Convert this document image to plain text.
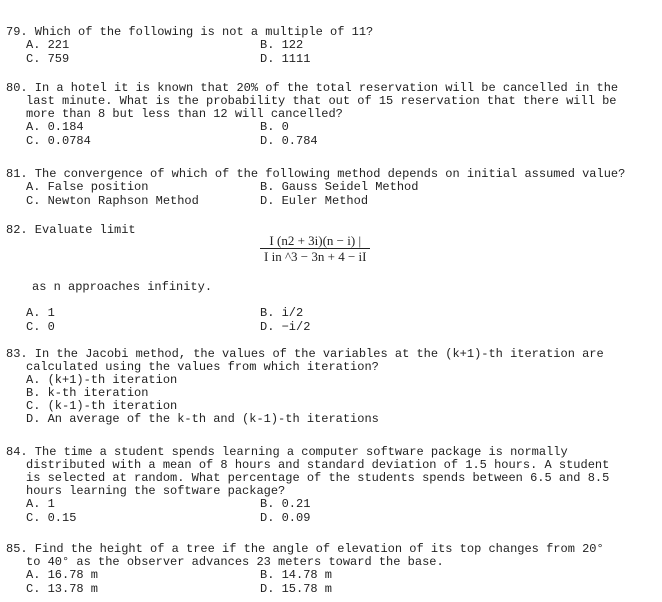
79. Which of the following is not a multiple of 11?
A. 221	B. 122
C. 759	D. 1111
80. In a hotel it is known that 20% of the total reservation will be cancelled in the
last minute. What is the probability that out of 15 reservation that there will be
more than 8 but less than 12 will cancelled?
A. 0.184	B. 0
C. 0.0784	D. 0.784
81. The convergence of which of the following method depends on initial assumed value?
A. False position	B. Gauss Seidel Method
C. Newton Raphson Method	D. Euler Method
82. Evaluate limit
I (n2 + 3i)(n − i) |
I in ^3 − 3n + 4 − iI
as n approaches infinity.
A. 1	B. i/2
C. 0	D. −i/2
83. In the Jacobi method, the values of the variables at the (k+1)-th iteration are
calculated using the values from which iteration?
A. (k+1)-th iteration
B. k-th iteration
C. (k-1)-th iteration
D. An average of the k-th and (k-1)-th iterations
84. The time a student spends learning a computer software package is normally
distributed with a mean of 8 hours and standard deviation of 1.5 hours. A student
is selected at random. What percentage of the students spends between 6.5 and 8.5
hours learning the software package?
A. 1	B. 0.21
C. 0.15	D. 0.09
85. Find the height of a tree if the angle of elevation of its top changes from 20°
to 40° as the observer advances 23 meters toward the base.
A. 16.78 m	B. 14.78 m
C. 13.78 m	D. 15.78 m
